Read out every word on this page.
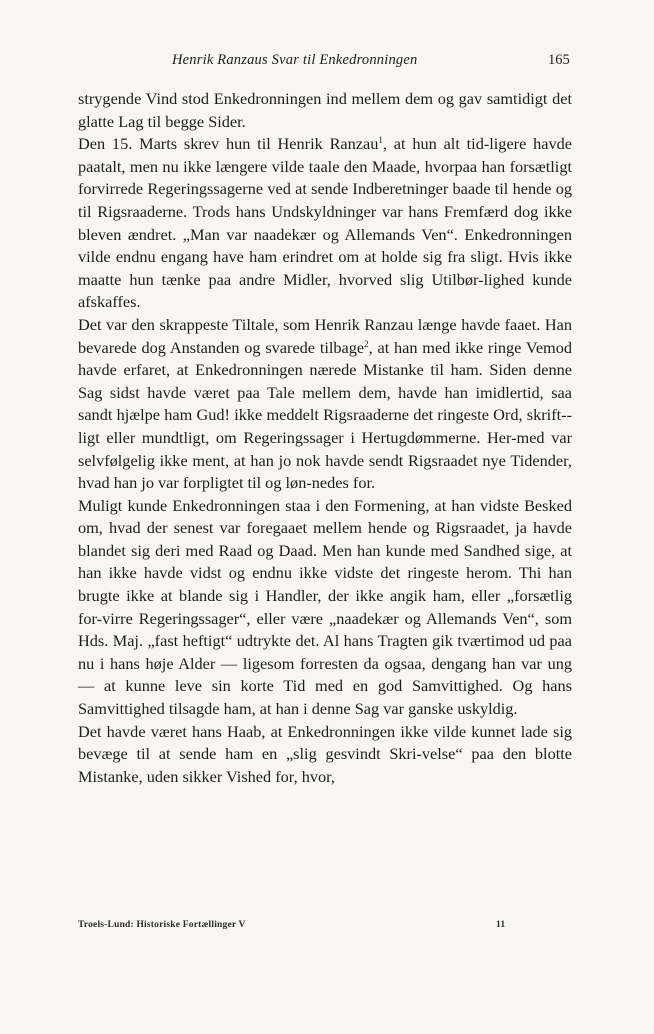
Henrik Ranzaus Svar til Enkedronningen	165

strygende Vind stod Enkedronningen ind mellem dem og gav samtidigt det glatte Lag til begge Sider.

Den 15. Marts skrev hun til Henrik Ranzau$^1$, at hun alt tid-ligere havde paatalt, men nu ikke længere vilde taale den Maade, hvorpaa han forsætligt forvirrede Regeringssagerne ved at sende Indberetninger baade til hende og til Rigsraaderne. Trods hans Undskyldninger var hans Fremfærd dog ikke bleven ændret. „Man var naadekær og Allemands Ven“. Enkedronningen vilde endnu engang have ham erindret om at holde sig fra sligt. Hvis ikke maatte hun tænke paa andre Midler, hvorved slig Utilbør-lighed kunde afskaffes.

Det var den skrappeste Tiltale, som Henrik Ranzau længe havde faaet. Han bevarede dog Anstanden og svarede tilbage$^2$, at han med ikke ringe Vemod havde erfaret, at Enkedronningen nærede Mistanke til ham. Siden denne Sag sidst havde været paa Tale mellem dem, havde han imidlertid, saa sandt hjælpe ham Gud! ikke meddelt Rigsraaderne det ringeste Ord, skrift-ligt eller mundtligt, om Regeringssager i Hertugdømmerne. Her-med var selvfølgelig ikke ment, at han jo nok havde sendt Rigsraadet nye Tidender, hvad han jo var forpligtet til og løn-nedes for.

Muligt kunde Enkedronningen staa i den Formening, at han vidste Besked om, hvad der senest var foregaaet mellem hende og Rigsraadet, ja havde blandet sig deri med Raad og Daad. Men han kunde med Sandhed sige, at han ikke havde vidst og endnu ikke vidste det ringeste herom. Thi han brugte ikke at blande sig i Handler, der ikke angik ham, eller „forsætlig for-virre Regeringssager“, eller være „naadekær og Allemands Ven“, som Hds. Maj. „fast heftigt“ udtrykte det. Al hans Tragten gik tværtimod ud paa nu i hans høje Alder — ligesom forresten da ogsaa, dengang han var ung — at kunne leve sin korte Tid med en god Samvittighed. Og hans Samvittighed tilsagde ham, at han i denne Sag var ganske uskyldig.

Det havde været hans Haab, at Enkedronningen ikke vilde kunnet lade sig bevæge til at sende ham en „slig gesvindt Skri-velse“ paa den blotte Mistanke, uden sikker Vished for, hvor,

Troels-Lund: Historiske Fortællinger V	11
